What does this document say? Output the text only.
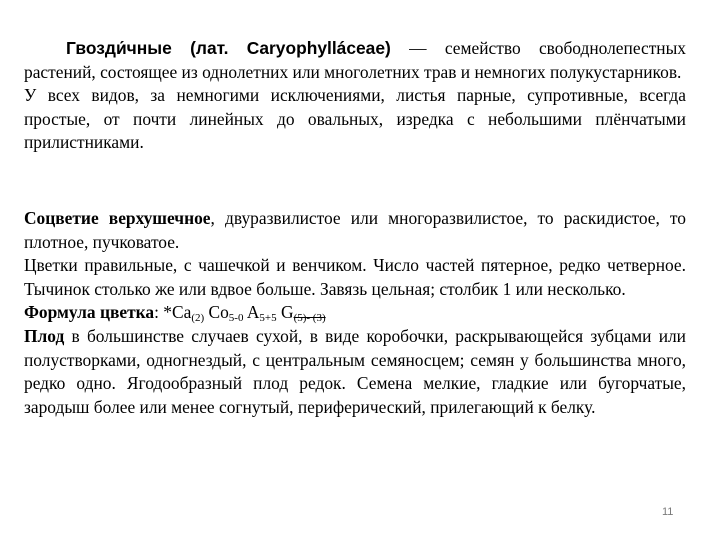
Гвозди́чные (лат. Caryophylláceae) — семейство свободнолепестных растений, состоящее из однолетних или многолетних трав и немногих полукустарников.

У всех видов, за немногими исключениями, листья парные, супротивные, всегда простые, от почти линейных до овальных, изредка с небольшими плёнчатыми прилистниками.

Соцветие верхушечное, двуразвилистое или многоразвилистое, то раскидистое, то плотное, пучковатое.

Цветки правильные, с чашечкой и венчиком. Число частей пятерное, редко четверное. Тычинок столько же или вдвое больше. Завязь цельная; столбик 1 или несколько.

Формула цветка: $*Ca_{(2)}$ $Co_{5-0}$ $A_{5+5}$ $G_{(5)- (3)}$

Плод в большинстве случаев сухой, в виде коробочки, раскрывающейся зубцами или полустворками, одногнездый, с центральным семяносцем; семян у большинства много, редко одно. Ягодообразный плод редок. Семена мелкие, гладкие или бугорчатые, зародыш более или менее согнутый, периферический, прилегающий к белку.

11
